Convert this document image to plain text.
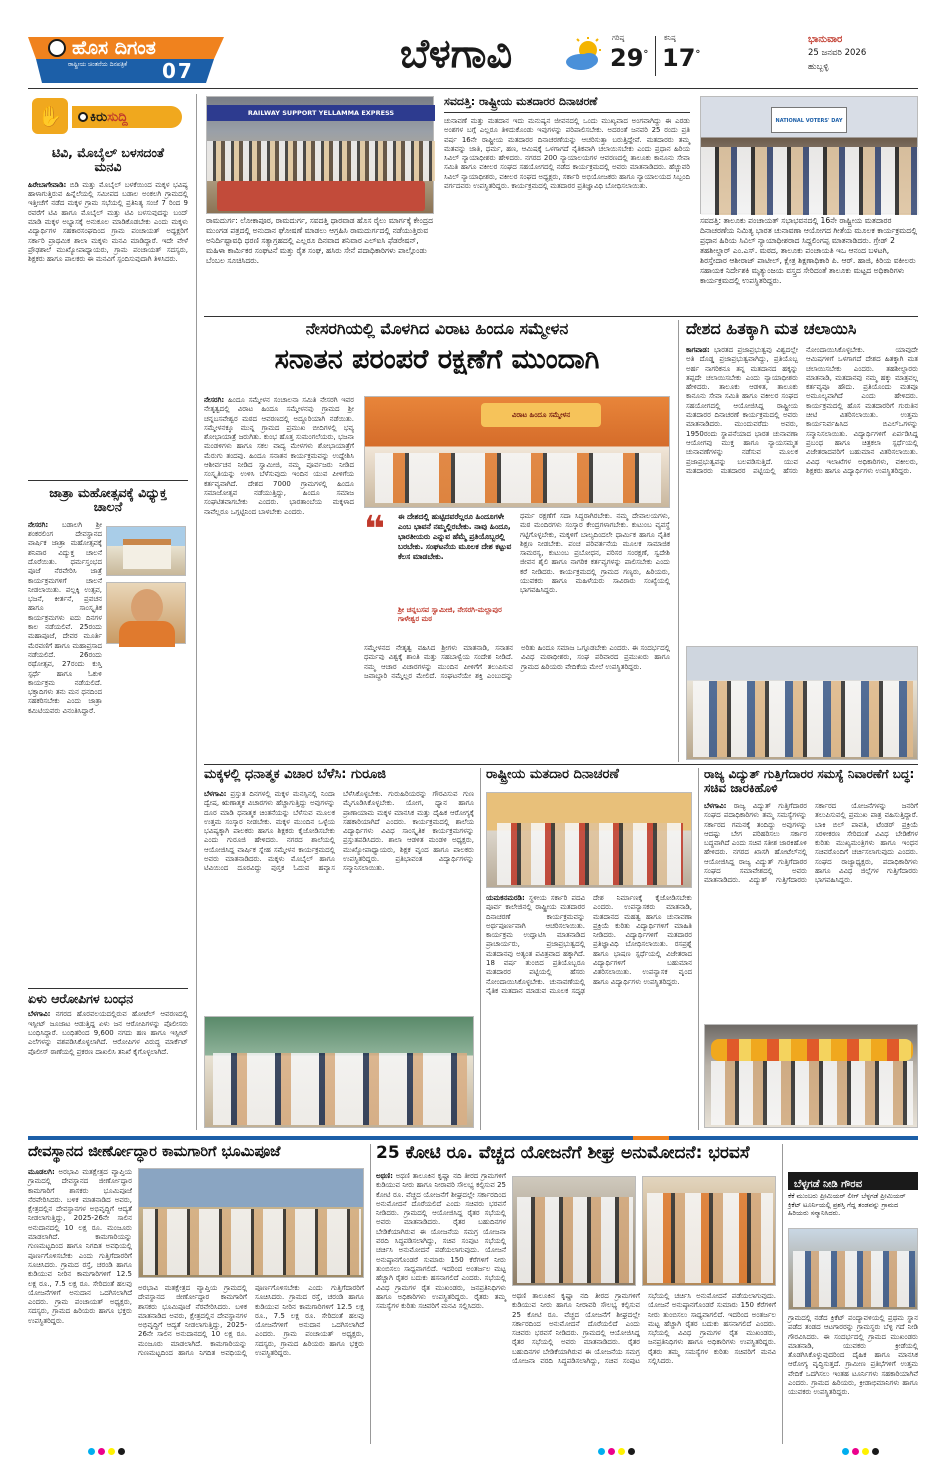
ಹೊಸ ದಿಗಂತ
ರಾಷ್ಟ್ರೀಯ ಚಿಂತನೆಯ ದಿನಪತ್ರಿಕೆ 07	ಬೆಳಗಾವಿ	ಗರಿಷ್ಠ
29°
ಕನಿಷ್ಠ
17°
ಭಾನುವಾರ
25 ಜನವರಿ 2026
ಹುಬ್ಬಳ್ಳಿ
✋	ಕಿರುಸುದ್ದಿ
ಟಿವಿ, ಮೊಬೈಲ್ ಬಳಸದಂತೆ ಮನವಿ
ಹಿರೇಬಾಗೇವಾಡಿ: ಬಿಡಿ ಮತ್ತು ಮೊಬೈಲ್ ಬಳಕೆಯಿಂದ ಮಕ್ಕಳ ಭವಿಷ್ಯ ಹಾಳಾಗುತ್ತಿರುವ ಹಿನ್ನೆಲೆಯಲ್ಲಿ ಸಮೀಪದ ಬಡಾಲ ಅಂಕಲಗಿ ಗ್ರಾಮದಲ್ಲಿ ಇತ್ತೀಚೆಗೆ ನಡೆದ ಮಕ್ಕಳ ಗ್ರಾಮ ಸಭೆಯಲ್ಲಿ ಪ್ರತಿನಿತ್ಯ ಸಂಜೆ 7 ರಿಂದ 9 ರವರೆಗೆ ಟಿವಿ ಹಾಗೂ ಮೊಬೈಲ್ ಮತ್ತು ಟಿವಿ ಬಳಸುವುದನ್ನು ಬಂದ್ ಮಾಡಿ ಮಕ್ಕಳ ಅಭ್ಯಾಸಕ್ಕೆ ಅನುಕೂಲ ಮಾಡಿಕೊಡಬೇಕು ಎಂದು ಮಕ್ಕಳು ವಿದ್ಯಾರ್ಥಿಗಳ ಸಹಕಾರಸಂಘದಿಂದ ಗ್ರಾಮ ಪಂಚಾಯತ್ ಅಧ್ಯಕ್ಷರಿಗೆ ಸರ್ಕಾರಿ ಪ್ರಾಥಮಿಕ ಶಾಲಾ ಮಕ್ಕಳು ಮನವಿ ಮಾಡಿದ್ದಾರೆ. ಇದೇ ವೇಳೆ ಪ್ರೌಢಶಾಲೆ ಮುಖ್ಯೋಪಾಧ್ಯಾಯರು, ಗ್ರಾಮ ಪಂಚಾಯತ್ ಸದಸ್ಯರು, ಶಿಕ್ಷಕರು ಹಾಗೂ ಪಾಲಕರು ಈ ಮನವಿಗೆ ಸ್ಪಂದಿಸುವುದಾಗಿ ತಿಳಿಸಿದರು.
ಜಾತ್ರಾ ಮಹೋತ್ಸವಕ್ಕೆ ವಿಧ್ಯುಕ್ತ ಚಾಲನೆ
ನೇಸರಗಿ: ಬಡಾಲಗಿ ಶ್ರೀ ಶಂಕರಲಿಂಗ ದೇವಸ್ಥಾನದ ವಾರ್ಷಿಕ ಜಾತ್ರಾ ಮಹೋತ್ಸವಕ್ಕೆ ಶನಿವಾರ ವಿದ್ಯುಕ್ತ ಚಾಲನೆ ದೊರೆಯಿತು. ಧರ್ಮಸ್ತಂಭದ ಪೂಜೆ ನೆರವೇರಿಸಿ ಜಾತ್ರೆ ಕಾರ್ಯಕ್ರಮಗಳಿಗೆ ಚಾಲನೆ ನೀಡಲಾಯಿತು. ಪಲ್ಲಕ್ಕಿ ಉತ್ಸವ, ಭಜನೆ, ಕೀರ್ತನೆ, ಪ್ರವಚನ ಹಾಗೂ ಸಾಂಸ್ಕೃತಿಕ ಕಾರ್ಯಕ್ರಮಗಳು ಐದು ದಿನಗಳ ಕಾಲ ನಡೆಯಲಿವೆ. 25ರಂದು ಮಹಾಪೂಜೆ, ದೇವರ ಮೂರ್ತಿ ಮೆರವಣಿಗೆ ಹಾಗೂ ಮಹಾಪ್ರಸಾದ ನಡೆಯಲಿದೆ. 26ರಂದು ರಥೋತ್ಸವ, 27ರಂದು ಕುಸ್ತಿ ಸ್ಪರ್ಧೆ ಹಾಗೂ ಓಕುಳಿ ಕಾರ್ಯಕ್ರಮ ನಡೆಯಲಿದೆ. ಭಕ್ತಾದಿಗಳು ತನು ಮನ ಧನದಿಂದ ಸಹಕರಿಸಬೇಕು ಎಂದು ಜಾತ್ರಾ ಕಮಿಟಿಯವರು ವಿನಂತಿಸಿದ್ದಾರೆ.
ಏಳು ಆರೋಪಿಗಳ ಬಂಧನ
ಬೆಳಗಾವಿ: ನಗರದ ಹೊರವಲಯದಲ್ಲಿರುವ ಹೋಟೆಲ್ ಆವರಣದಲ್ಲಿ ಇಸ್ಪೀಟ್ ಜೂಜಾಟ ಆಡುತ್ತಿದ್ದ ಏಳು ಜನ ಆರೋಪಿಗಳನ್ನು ಪೊಲೀಸರು ಬಂಧಿಸಿದ್ದಾರೆ. ಬಂಧಿತರಿಂದ 9,600 ನಗದು ಹಣ ಹಾಗೂ ಇಸ್ಪೀಟ್ ಎಲೆಗಳನ್ನು ವಶಪಡಿಸಿಕೊಳ್ಳಲಾಗಿದೆ. ಆರೋಪಿಗಳ ವಿರುದ್ಧ ಮಾರ್ಕೆಟ್ ಪೊಲೀಸ್ ಠಾಣೆಯಲ್ಲಿ ಪ್ರಕರಣ ದಾಖಲಿಸಿ ತನಿಖೆ ಕೈಗೊಳ್ಳಲಾಗಿದೆ.
RAILWAY SUPPORT YELLAMMA EXPRESS
ರಾಮದುರ್ಗ: ಲೋಕಾಪೂರ, ರಾಮದುರ್ಗ, ಸವದತ್ತಿ ಧಾರವಾಡ ಹೊಸ ರೈಲು ಮಾರ್ಗಕ್ಕೆ ಕೇಂದ್ರದ ಮುಂಗಡ ಪತ್ರದಲ್ಲಿ ಅನುದಾನ ಘೋಷಣೆ ಮಾಡಲು ಆಗ್ರಹಿಸಿ ರಾಮದುರ್ಗದಲ್ಲಿ ನಡೆಯುತ್ತಿರುವ ಅನಿರ್ದಿಷ್ಟಾವಧಿ ಧರಣಿ ಸತ್ಯಾಗ್ರಹದಲ್ಲಿ ಎಲ್ಲರೂ ದಿನವಾದ ಶನಿವಾರ ಎಲ್‌ಐಸಿ ಫೆಡರೇಷನ್, ಮಹಿಳಾ ಕಾರ್ಮಿಕರ ಸಂಘಟನೆ ಮತ್ತು ರೈತ ಸಂಘ, ಹಸಿರು ಸೇನೆ ಪದಾಧಿಕಾರಿಗಳು ಪಾಲ್ಗೊಂಡು ಬೆಂಬಲ ಸೂಚಿಸಿದರು.
ಸವದತ್ತಿ: ರಾಷ್ಟ್ರೀಯ ಮತದಾರರ ದಿನಾಚರಣೆ
ಚುನಾವಣೆ ಮತ್ತು ಮತದಾನ ಇದು ಮನುಷ್ಯನ ಜೀವನದಲ್ಲಿ ಒಂದು ಮುಖ್ಯವಾದ ಅಂಗವಾಗಿದ್ದು ಈ ಎರಡು ಅಂಶಗಳ ಬಗ್ಗೆ ಎಲ್ಲರೂ ತಿಳಿದುಕೊಂಡು ಇವುಗಳನ್ನು ಪರಿಪಾಲಿಸಬೇಕು. ಅದರಂತೆ ಜನವರಿ 25 ರಂದು ಪ್ರತಿ ವರ್ಷ 16ನೇ ರಾಷ್ಟ್ರೀಯ ಮತದಾರರ ದಿನಾಚರಣೆಯನ್ನು ಆಚರಿಸುತ್ತಾ ಬರುತ್ತಿದ್ದೇವೆ. ಮತದಾರರು ತಮ್ಮ ಮತವನ್ನು ಜಾತಿ, ಧರ್ಮ, ಹಣ, ಆಮಿಷಕ್ಕೆ ಒಳಗಾಗದೆ ನೈತಿಕವಾಗಿ ಚಲಾಯಿಸಬೇಕು ಎಂದು ಪ್ರಧಾನ ಹಿರಿಯ ಸಿವಿಲ್ ನ್ಯಾಯಾಧೀಶರು ಹೇಳಿದರು. ನಗರದ 200 ನ್ಯಾಯಾಲಯಗಳ ಆವರಣದಲ್ಲಿ ತಾಲೂಕು ಕಾನೂನು ಸೇವಾ ಸಮಿತಿ ಹಾಗೂ ವಕೀಲರ ಸಂಘದ ಸಹಯೋಗದಲ್ಲಿ ನಡೆದ ಕಾರ್ಯಕ್ರಮದಲ್ಲಿ ಅವರು ಮಾತನಾಡಿದರು. ಹೆಚ್ಚುವರಿ ಸಿವಿಲ್ ನ್ಯಾಯಾಧೀಶರು, ವಕೀಲರ ಸಂಘದ ಅಧ್ಯಕ್ಷರು, ಸರ್ಕಾರಿ ಅಭಿಯೋಜಕರು ಹಾಗೂ ನ್ಯಾಯಾಲಯದ ಸಿಬ್ಬಂದಿ ವರ್ಗದವರು ಉಪಸ್ಥಿತರಿದ್ದರು. ಕಾರ್ಯಕ್ರಮದಲ್ಲಿ ಮತದಾರರ ಪ್ರತಿಜ್ಞಾವಿಧಿ ಬೋಧಿಸಲಾಯಿತು.
NATIONAL VOTERS' DAY
ಸವದತ್ತಿ: ತಾಲೂಕು ಪಂಚಾಯತ್ ಸಭಾಭವನದಲ್ಲಿ 16ನೇ ರಾಷ್ಟ್ರೀಯ ಮತದಾರರ ದಿನಾಚರಣೆಯ ನಿಮಿತ್ಯ ಭಾರತ ಚುನಾವಣಾ ಆಯೋಗದ ಗೀತೆಯ ಮೂಲಕ ಕಾರ್ಯಕ್ರಮದಲ್ಲಿ ಪ್ರಧಾನ ಹಿರಿಯ ಸಿವಿಲ್ ನ್ಯಾಯಾಧೀಶರಾದ ಸಿದ್ದಲಿಂಗಪ್ಪ ಮಾತನಾಡಿದರು. ಗ್ರೇಡ್ 2 ತಹಶೀಲ್ದಾರ್ ಎಂ.ಎಸ್. ಮಠದ, ತಾಲೂಕು ಪಂಚಾಯತಿ ಇಒ ಆನಂದ ಬಳಟಗಿ, ಶಿರಸ್ತೇದಾರ ಆಶೀರಾಜ್ ಪಾಟೀಲ್, ಕ್ಷೇತ್ರ ಶಿಕ್ಷಣಾಧಿಕಾರಿ ಪಿ. ಆರ್. ಹಾಜಿ, ಕಿರಿಯ ವಕೀಲರು ಸಹಾಯಕ ನಿರ್ದೇಶಕಿ ಮೃತ್ಯುಂಜಯ ವಸ್ತ್ರದ ಸೇರಿದಂತೆ ತಾಲೂಕು ಮಟ್ಟದ ಅಧಿಕಾರಿಗಳು ಕಾರ್ಯಕ್ರಮದಲ್ಲಿ ಉಪಸ್ಥಿತರಿದ್ದರು.
ನೇಸರಗಿಯಲ್ಲಿ ಮೊಳಗಿದ ವಿರಾಟ ಹಿಂದೂ ಸಮ್ಮೇಳನ
ಸನಾತನ ಪರಂಪರೆ ರಕ್ಷಣೆಗೆ ಮುಂದಾಗಿ
ನೇಸರಗಿ: ಹಿಂದೂ ಸಮ್ಮೇಳನ ಸಂಚಾಲನಾ ಸಮಿತಿ ನೇಸರಗಿ ಇವರ ನೇತೃತ್ವದಲ್ಲಿ ವಿರಾಟ ಹಿಂದೂ ಸಮ್ಮೇಳನವು ಗ್ರಾಮದ ಶ್ರೀ ಚನ್ನಬಸವೇಶ್ವರ ಮಠದ ಆವರಣದಲ್ಲಿ ಅದ್ದೂರಿಯಾಗಿ ನಡೆಯಿತು. ಸಮ್ಮೇಳನಕ್ಕೂ ಮುನ್ನ ಗ್ರಾಮದ ಪ್ರಮುಖ ಬೀದಿಗಳಲ್ಲಿ ಭವ್ಯ ಶೋಭಾಯಾತ್ರೆ ಜರುಗಿತು. ಕುಂಭ ಹೊತ್ತ ಸುಮಂಗಲೆಯರು, ಭಜನಾ ಮಂಡಳಿಗಳು ಹಾಗೂ ಸಕಲ ವಾದ್ಯ ಮೇಳಗಳು ಶೋಭಾಯಾತ್ರೆಗೆ ಮೆರುಗು ತಂದವು. ಹಿಂದೂ ಸನಾತನ ಕಾರ್ಯಕ್ರಮವನ್ನು ಉದ್ದೇಶಿಸಿ ಆಶೀರ್ವಚನ ನೀಡಿದ ಸ್ವಾಮೀಜಿ, ನಮ್ಮ ಪೂರ್ವಜರು ನೀಡಿದ ಸಂಸ್ಕೃತಿಯನ್ನು ಉಳಿಸಿ ಬೆಳೆಸುವುದು ಇಂದಿನ ಯುವ ಪೀಳಿಗೆಯ ಕರ್ತವ್ಯವಾಗಿದೆ. ದೇಶದ 7000 ಗ್ರಾಮಗಳಲ್ಲಿ ಹಿಂದೂ ಸಮಾಜೋತ್ಸವ ನಡೆಯುತ್ತಿದ್ದು, ಹಿಂದೂ ಸಮಾಜ ಸಂಘಟಿತವಾಗಬೇಕು ಎಂದರು. ಭಾರತಾಂಬೆಯ ಮಕ್ಕಳಾದ ನಾವೆಲ್ಲರೂ ಒಗ್ಗಟ್ಟಿನಿಂದ ಬಾಳಬೇಕು ಎಂದರು.
ವಿರಾಟ ಹಿಂದೂ ಸಮ್ಮೇಳನ
❝ ಈ ದೇಶದಲ್ಲಿ ಹುಟ್ಟಿದವರೆಲ್ಲರೂ ಹಿಂದೂಗಳೇ ಎಂಬ ಭಾವನೆ ನಮ್ಮಲ್ಲಿರಬೇಕು. ನಾವು ಹಿಂದೂ, ಭಾರತೀಯರು ಎನ್ನುವ ಹೆಮ್ಮೆ ಪ್ರತಿಯೊಬ್ಬರಲ್ಲಿ ಬರಬೇಕು. ಸಂಘಟನೆಯ ಮೂಲಕ ದೇಶ ಕಟ್ಟುವ ಕೆಲಸ ಮಾಡಬೇಕು.
ಶ್ರೀ ಚನ್ನಬಸವ ಸ್ವಾಮೀಜಿ, ನೇಸರಗಿ-ಮಲ್ಲಾಪುರ ಗಾಳೇಶ್ವರ ಮಠ
ಧರ್ಮ ರಕ್ಷಣೆಗೆ ಸದಾ ಸಿದ್ಧರಾಗಿರಬೇಕು. ನಮ್ಮ ದೇವಾಲಯಗಳು, ಮಠ ಮಂದಿರಗಳು ಸಂಸ್ಕಾರ ಕೇಂದ್ರಗಳಾಗಬೇಕು. ಕುಟುಂಬ ವ್ಯವಸ್ಥೆ ಗಟ್ಟಿಗೊಳ್ಳಬೇಕು, ಮಕ್ಕಳಿಗೆ ಬಾಲ್ಯದಿಂದಲೇ ಧಾರ್ಮಿಕ ಹಾಗೂ ನೈತಿಕ ಶಿಕ್ಷಣ ನೀಡಬೇಕು. ಪಂಚ ಪರಿವರ್ತನೆಯ ಮೂಲಕ ಸಾಮಾಜಿಕ ಸಾಮರಸ್ಯ, ಕುಟುಂಬ ಪ್ರಬೋಧನ, ಪರಿಸರ ಸಂರಕ್ಷಣೆ, ಸ್ವದೇಶಿ ಜೀವನ ಶೈಲಿ ಹಾಗೂ ನಾಗರಿಕ ಕರ್ತವ್ಯಗಳನ್ನು ಪಾಲಿಸಬೇಕು ಎಂದು ಕರೆ ನೀಡಿದರು. ಕಾರ್ಯಕ್ರಮದಲ್ಲಿ ಗ್ರಾಮದ ಗಣ್ಯರು, ಹಿರಿಯರು, ಯುವಕರು ಹಾಗೂ ಮಹಿಳೆಯರು ಸಾವಿರಾರು ಸಂಖ್ಯೆಯಲ್ಲಿ ಭಾಗವಹಿಸಿದ್ದರು.
ಸಮ್ಮೇಳನದ ನೇತೃತ್ವ ವಹಿಸಿದ ಶ್ರೀಗಳು ಮಾತನಾಡಿ, ಸನಾತನ ಧರ್ಮವು ವಿಶ್ವಕ್ಕೆ ಶಾಂತಿ ಮತ್ತು ಸಹಬಾಳ್ವೆಯ ಸಂದೇಶ ನೀಡಿದೆ. ನಮ್ಮ ಆಚಾರ ವಿಚಾರಗಳನ್ನು ಮುಂದಿನ ಪೀಳಿಗೆಗೆ ತಲುಪಿಸುವ ಜವಾಬ್ದಾರಿ ನಮ್ಮೆಲ್ಲರ ಮೇಲಿದೆ. ಸಂಘಟನೆಯೇ ಶಕ್ತಿ ಎಂಬುದನ್ನು ಅರಿತು ಹಿಂದೂ ಸಮಾಜ ಒಗ್ಗೂಡಬೇಕು ಎಂದರು. ಈ ಸಂದರ್ಭದಲ್ಲಿ ವಿವಿಧ ಮಠಾಧೀಶರು, ಸಂಘ ಪರಿವಾರದ ಪ್ರಮುಖರು ಹಾಗೂ ಗ್ರಾಮದ ಹಿರಿಯರು ವೇದಿಕೆಯ ಮೇಲೆ ಉಪಸ್ಥಿತರಿದ್ದರು.
ದೇಶದ ಹಿತಕ್ಕಾಗಿ ಮತ ಚಲಾಯಿಸಿ
ಕಾಗವಾಡ: ಭಾರತದ ಪ್ರಜಾಪ್ರಭುತ್ವವು ವಿಶ್ವದಲ್ಲೇ ಅತಿ ದೊಡ್ಡ ಪ್ರಜಾಪ್ರಭುತ್ವವಾಗಿದ್ದು, ಪ್ರತಿಯೊಬ್ಬ ಅರ್ಹ ನಾಗರಿಕನೂ ತನ್ನ ಮತದಾನದ ಹಕ್ಕನ್ನು ತಪ್ಪದೇ ಚಲಾಯಿಸಬೇಕು ಎಂದು ನ್ಯಾಯಾಧೀಶರು ಹೇಳಿದರು. ತಾಲೂಕು ಆಡಳಿತ, ತಾಲೂಕು ಕಾನೂನು ಸೇವಾ ಸಮಿತಿ ಹಾಗೂ ವಕೀಲರ ಸಂಘದ ಸಹಯೋಗದಲ್ಲಿ ಆಯೋಜಿಸಿದ್ದ ರಾಷ್ಟ್ರೀಯ ಮತದಾರರ ದಿನಾಚರಣೆ ಕಾರ್ಯಕ್ರಮದಲ್ಲಿ ಅವರು ಮಾತನಾಡಿದರು. ಮುಂದುವರೆದು ಅವರು, 1950ರಂದು ಸ್ಥಾಪನೆಯಾದ ಭಾರತ ಚುನಾವಣಾ ಆಯೋಗವು ಮುಕ್ತ ಹಾಗೂ ನ್ಯಾಯಸಮ್ಮತ ಚುನಾವಣೆಗಳನ್ನು ನಡೆಸುವ ಮೂಲಕ ಪ್ರಜಾಪ್ರಭುತ್ವವನ್ನು ಬಲಪಡಿಸುತ್ತಿದೆ. ಯುವ ಮತದಾರರು ಮತದಾರರ ಪಟ್ಟಿಯಲ್ಲಿ ಹೆಸರು ನೋಂದಾಯಿಸಿಕೊಳ್ಳಬೇಕು. ಯಾವುದೇ ಆಮಿಷಗಳಿಗೆ ಒಳಗಾಗದೆ ದೇಶದ ಹಿತಕ್ಕಾಗಿ ಮತ ಚಲಾಯಿಸಬೇಕು ಎಂದರು. ತಹಶೀಲ್ದಾರರು ಮಾತನಾಡಿ, ಮತದಾನವು ನಮ್ಮ ಹಕ್ಕು ಮಾತ್ರವಲ್ಲ ಕರ್ತವ್ಯವೂ ಹೌದು. ಪ್ರತಿಯೊಂದು ಮತವೂ ಅಮೂಲ್ಯವಾಗಿದೆ ಎಂದು ಹೇಳಿದರು. ಕಾರ್ಯಕ್ರಮದಲ್ಲಿ ಹೊಸ ಮತದಾರರಿಗೆ ಗುರುತಿನ ಚೀಟಿ ವಿತರಿಸಲಾಯಿತು. ಉತ್ತಮ ಕಾರ್ಯನಿರ್ವಹಿಸಿದ ಬಿಎಲ್‌ಒಗಳನ್ನು ಸನ್ಮಾನಿಸಲಾಯಿತು. ವಿದ್ಯಾರ್ಥಿಗಳಿಗೆ ಏರ್ಪಡಿಸಿದ್ದ ಪ್ರಬಂಧ ಹಾಗೂ ಚಿತ್ರಕಲಾ ಸ್ಪರ್ಧೆಯಲ್ಲಿ ವಿಜೇತರಾದವರಿಗೆ ಬಹುಮಾನ ವಿತರಿಸಲಾಯಿತು. ವಿವಿಧ ಇಲಾಖೆಗಳ ಅಧಿಕಾರಿಗಳು, ವಕೀಲರು, ಶಿಕ್ಷಕರು ಹಾಗೂ ವಿದ್ಯಾರ್ಥಿಗಳು ಉಪಸ್ಥಿತರಿದ್ದರು.
ಮಕ್ಕಳಲ್ಲಿ ಧನಾತ್ಮಕ ವಿಚಾರ ಬೆಳೆಸಿ: ಗುರೂಜಿ
ಬೆಳಗಾವಿ: ಪ್ರಸ್ತುತ ದಿನಗಳಲ್ಲಿ ಮಕ್ಕಳ ಮನಸ್ಸಿನಲ್ಲಿ ನಿಂದಾ ದ್ವೇಷ, ಋಣಾತ್ಮಕ ವಿಚಾರಗಳು ಹೆಚ್ಚಾಗುತ್ತಿದ್ದು ಅವುಗಳನ್ನು ದೂರ ಮಾಡಿ ಧನಾತ್ಮಕ ಚಿಂತನೆಯನ್ನು ಬೆಳೆಸುವ ಮೂಲಕ ಉತ್ತಮ ಸಂಸ್ಕಾರ ನೀಡಬೇಕು. ಮಕ್ಕಳ ಮುಂದಿನ ಒಳ್ಳೆಯ ಭವಿಷ್ಯಕ್ಕಾಗಿ ಪಾಲಕರು ಹಾಗೂ ಶಿಕ್ಷಕರು ಕೈಜೋಡಿಸಬೇಕು ಎಂದು ಗುರೂಜಿ ಹೇಳಿದರು. ನಗರದ ಶಾಲೆಯಲ್ಲಿ ಆಯೋಜಿಸಿದ್ದ ವಾರ್ಷಿಕ ಸ್ನೇಹ ಸಮ್ಮೇಳನ ಕಾರ್ಯಕ್ರಮದಲ್ಲಿ ಅವರು ಮಾತನಾಡಿದರು. ಮಕ್ಕಳು ಮೊಬೈಲ್ ಹಾಗೂ ಟಿವಿಯಿಂದ ದೂರವಿದ್ದು ಪುಸ್ತಕ ಓದುವ ಹವ್ಯಾಸ ಬೆಳೆಸಿಕೊಳ್ಳಬೇಕು. ಗುರುಹಿರಿಯರನ್ನು ಗೌರವಿಸುವ ಗುಣ ಮೈಗೂಡಿಸಿಕೊಳ್ಳಬೇಕು. ಯೋಗ, ಧ್ಯಾನ ಹಾಗೂ ಪ್ರಾಣಾಯಾಮ ಮಕ್ಕಳ ಮಾನಸಿಕ ಮತ್ತು ದೈಹಿಕ ಆರೋಗ್ಯಕ್ಕೆ ಸಹಕಾರಿಯಾಗಿದೆ ಎಂದರು. ಕಾರ್ಯಕ್ರಮದಲ್ಲಿ ಶಾಲೆಯ ವಿದ್ಯಾರ್ಥಿಗಳು ವಿವಿಧ ಸಾಂಸ್ಕೃತಿಕ ಕಾರ್ಯಕ್ರಮಗಳನ್ನು ಪ್ರಸ್ತುತಪಡಿಸಿದರು. ಶಾಲಾ ಆಡಳಿತ ಮಂಡಳಿ ಅಧ್ಯಕ್ಷರು, ಮುಖ್ಯೋಪಾಧ್ಯಾಯರು, ಶಿಕ್ಷಕ ವೃಂದ ಹಾಗೂ ಪಾಲಕರು ಉಪಸ್ಥಿತರಿದ್ದರು. ಪ್ರತಿಭಾವಂತ ವಿದ್ಯಾರ್ಥಿಗಳನ್ನು ಸನ್ಮಾನಿಸಲಾಯಿತು.
ರಾಷ್ಟ್ರೀಯ ಮತದಾರ ದಿನಾಚರಣೆ
ಯಮಕನಮರಡಿ: ಸ್ಥಳೀಯ ಸರ್ಕಾರಿ ಪದವಿ ಪೂರ್ವ ಕಾಲೇಜಿನಲ್ಲಿ ರಾಷ್ಟ್ರೀಯ ಮತದಾರರ ದಿನಾಚರಣೆ ಕಾರ್ಯಕ್ರಮವನ್ನು ಅರ್ಥಪೂರ್ಣವಾಗಿ ಆಚರಿಸಲಾಯಿತು. ಕಾರ್ಯಕ್ರಮ ಉದ್ಘಾಟಿಸಿ ಮಾತನಾಡಿದ ಪ್ರಾಚಾರ್ಯರು, ಪ್ರಜಾಪ್ರಭುತ್ವದಲ್ಲಿ ಮತದಾನವು ಅತ್ಯಂತ ಪವಿತ್ರವಾದ ಹಕ್ಕಾಗಿದೆ. 18 ವರ್ಷ ತುಂಬಿದ ಪ್ರತಿಯೊಬ್ಬರೂ ಮತದಾರರ ಪಟ್ಟಿಯಲ್ಲಿ ಹೆಸರು ನೋಂದಾಯಿಸಿಕೊಳ್ಳಬೇಕು. ಚುನಾವಣೆಯಲ್ಲಿ ನೈತಿಕ ಮತದಾನ ಮಾಡುವ ಮೂಲಕ ಸದೃಢ ದೇಶ ನಿರ್ಮಾಣಕ್ಕೆ ಕೈಜೋಡಿಸಬೇಕು ಎಂದರು. ಉಪನ್ಯಾಸಕರು ಮಾತನಾಡಿ, ಮತದಾನದ ಮಹತ್ವ ಹಾಗೂ ಚುನಾವಣಾ ಪ್ರಕ್ರಿಯೆ ಕುರಿತು ವಿದ್ಯಾರ್ಥಿಗಳಿಗೆ ಮಾಹಿತಿ ನೀಡಿದರು. ವಿದ್ಯಾರ್ಥಿಗಳಿಗೆ ಮತದಾರರ ಪ್ರತಿಜ್ಞಾವಿಧಿ ಬೋಧಿಸಲಾಯಿತು. ರಸಪ್ರಶ್ನೆ ಹಾಗೂ ಭಾಷಣ ಸ್ಪರ್ಧೆಯಲ್ಲಿ ವಿಜೇತರಾದ ವಿದ್ಯಾರ್ಥಿಗಳಿಗೆ ಬಹುಮಾನ ವಿತರಿಸಲಾಯಿತು. ಉಪನ್ಯಾಸಕ ವೃಂದ ಹಾಗೂ ವಿದ್ಯಾರ್ಥಿಗಳು ಉಪಸ್ಥಿತರಿದ್ದರು.
ರಾಜ್ಯ ವಿದ್ಯುತ್ ಗುತ್ತಿಗೆದಾರರ ಸಮಸ್ಯೆ ನಿವಾರಣೆಗೆ ಬದ್ಧ: ಸಚಿವ ಜಾರಕಿಹೊಳಿ
ಬೆಳಗಾವಿ: ರಾಜ್ಯ ವಿದ್ಯುತ್ ಗುತ್ತಿಗೆದಾರರ ಸಂಘದ ಪದಾಧಿಕಾರಿಗಳು ತಮ್ಮ ಸಮಸ್ಯೆಗಳನ್ನು ಸರ್ಕಾರದ ಗಮನಕ್ಕೆ ತಂದಿದ್ದು ಅವುಗಳನ್ನು ಆದಷ್ಟು ಬೇಗ ಪರಿಹರಿಸಲು ಸರ್ಕಾರ ಬದ್ಧವಾಗಿದೆ ಎಂದು ಸಚಿವ ಸತೀಶ ಜಾರಕಿಹೊಳಿ ಹೇಳಿದರು. ನಗರದ ಖಾಸಗಿ ಹೋಟೆಲ್‌ನಲ್ಲಿ ಆಯೋಜಿಸಿದ್ದ ರಾಜ್ಯ ವಿದ್ಯುತ್ ಗುತ್ತಿಗೆದಾರರ ಸಂಘದ ಸಮಾವೇಶದಲ್ಲಿ ಅವರು ಮಾತನಾಡಿದರು. ವಿದ್ಯುತ್ ಗುತ್ತಿಗೆದಾರರು ಸರ್ಕಾರದ ಯೋಜನೆಗಳನ್ನು ಜನರಿಗೆ ತಲುಪಿಸುವಲ್ಲಿ ಪ್ರಮುಖ ಪಾತ್ರ ವಹಿಸುತ್ತಿದ್ದಾರೆ. ಬಾಕಿ ಬಿಲ್ ಪಾವತಿ, ಟೆಂಡರ್ ಪ್ರಕ್ರಿಯೆ ಸರಳೀಕರಣ ಸೇರಿದಂತೆ ವಿವಿಧ ಬೇಡಿಕೆಗಳ ಕುರಿತು ಮುಖ್ಯಮಂತ್ರಿಗಳು ಹಾಗೂ ಇಂಧನ ಸಚಿವರೊಂದಿಗೆ ಚರ್ಚಿಸಲಾಗುವುದು ಎಂದರು. ಸಂಘದ ರಾಜ್ಯಾಧ್ಯಕ್ಷರು, ಪದಾಧಿಕಾರಿಗಳು ಹಾಗೂ ವಿವಿಧ ಜಿಲ್ಲೆಗಳ ಗುತ್ತಿಗೆದಾರರು ಭಾಗವಹಿಸಿದ್ದರು.
ದೇವಸ್ಥಾನದ ಜೀರ್ಣೋದ್ಧಾರ ಕಾಮಗಾರಿಗೆ ಭೂಮಿಪೂಜೆ
ಮೂಡಲಗಿ: ಅರಭಾವಿ ಮತಕ್ಷೇತ್ರದ ವ್ಯಾಪ್ತಿಯ ಗ್ರಾಮದಲ್ಲಿ ದೇವಸ್ಥಾನದ ಜೀರ್ಣೋದ್ಧಾರ ಕಾಮಗಾರಿಗೆ ಶಾಸಕರು ಭೂಮಿಪೂಜೆ ನೆರವೇರಿಸಿದರು. ಬಳಿಕ ಮಾತನಾಡಿದ ಅವರು, ಕ್ಷೇತ್ರದಲ್ಲಿನ ದೇವಸ್ಥಾನಗಳ ಅಭಿವೃದ್ಧಿಗೆ ಆದ್ಯತೆ ನೀಡಲಾಗುತ್ತಿದ್ದು, 2025-26ನೇ ಸಾಲಿನ ಅನುದಾನದಲ್ಲಿ 10 ಲಕ್ಷ ರೂ. ಮಂಜೂರು ಮಾಡಲಾಗಿದೆ. ಕಾಮಗಾರಿಯನ್ನು ಗುಣಮಟ್ಟದಿಂದ ಹಾಗೂ ನಿಗದಿತ ಅವಧಿಯಲ್ಲಿ ಪೂರ್ಣಗೊಳಿಸಬೇಕು ಎಂದು ಗುತ್ತಿಗೆದಾರರಿಗೆ ಸೂಚಿಸಿದರು. ಗ್ರಾಮದ ರಸ್ತೆ, ಚರಂಡಿ ಹಾಗೂ ಕುಡಿಯುವ ನೀರಿನ ಕಾಮಗಾರಿಗಳಿಗೆ 12.5 ಲಕ್ಷ ರೂ., 7.5 ಲಕ್ಷ ರೂ. ಸೇರಿದಂತೆ ಹಲವು ಯೋಜನೆಗಳಿಗೆ ಅನುದಾನ ಒದಗಿಸಲಾಗಿದೆ ಎಂದರು. ಗ್ರಾಮ ಪಂಚಾಯತ್ ಅಧ್ಯಕ್ಷರು, ಸದಸ್ಯರು, ಗ್ರಾಮದ ಹಿರಿಯರು ಹಾಗೂ ಭಕ್ತರು ಉಪಸ್ಥಿತರಿದ್ದರು.
ಅರಭಾವಿ ಮತಕ್ಷೇತ್ರದ ವ್ಯಾಪ್ತಿಯ ಗ್ರಾಮದಲ್ಲಿ ದೇವಸ್ಥಾನದ ಜೀರ್ಣೋದ್ಧಾರ ಕಾಮಗಾರಿಗೆ ಶಾಸಕರು ಭೂಮಿಪೂಜೆ ನೆರವೇರಿಸಿದರು. ಬಳಿಕ ಮಾತನಾಡಿದ ಅವರು, ಕ್ಷೇತ್ರದಲ್ಲಿನ ದೇವಸ್ಥಾನಗಳ ಅಭಿವೃದ್ಧಿಗೆ ಆದ್ಯತೆ ನೀಡಲಾಗುತ್ತಿದ್ದು, 2025-26ನೇ ಸಾಲಿನ ಅನುದಾನದಲ್ಲಿ 10 ಲಕ್ಷ ರೂ. ಮಂಜೂರು ಮಾಡಲಾಗಿದೆ. ಕಾಮಗಾರಿಯನ್ನು ಗುಣಮಟ್ಟದಿಂದ ಹಾಗೂ ನಿಗದಿತ ಅವಧಿಯಲ್ಲಿ ಪೂರ್ಣಗೊಳಿಸಬೇಕು ಎಂದು ಗುತ್ತಿಗೆದಾರರಿಗೆ ಸೂಚಿಸಿದರು. ಗ್ರಾಮದ ರಸ್ತೆ, ಚರಂಡಿ ಹಾಗೂ ಕುಡಿಯುವ ನೀರಿನ ಕಾಮಗಾರಿಗಳಿಗೆ 12.5 ಲಕ್ಷ ರೂ., 7.5 ಲಕ್ಷ ರೂ. ಸೇರಿದಂತೆ ಹಲವು ಯೋಜನೆಗಳಿಗೆ ಅನುದಾನ ಒದಗಿಸಲಾಗಿದೆ ಎಂದರು. ಗ್ರಾಮ ಪಂಚಾಯತ್ ಅಧ್ಯಕ್ಷರು, ಸದಸ್ಯರು, ಗ್ರಾಮದ ಹಿರಿಯರು ಹಾಗೂ ಭಕ್ತರು ಉಪಸ್ಥಿತರಿದ್ದರು.
25 ಕೋಟಿ ರೂ. ವೆಚ್ಚದ ಯೋಜನೆಗೆ ಶೀಘ್ರ ಅನುಮೋದನೆ: ಭರವಸೆ
ಅಥಣಿ: ಅಥಣಿ ತಾಲೂಕಿನ ಕೃಷ್ಣಾ ನದಿ ತೀರದ ಗ್ರಾಮಗಳಿಗೆ ಕುಡಿಯುವ ನೀರು ಹಾಗೂ ನೀರಾವರಿ ಸೌಲಭ್ಯ ಕಲ್ಪಿಸುವ 25 ಕೋಟಿ ರೂ. ವೆಚ್ಚದ ಯೋಜನೆಗೆ ಶೀಘ್ರದಲ್ಲೇ ಸರ್ಕಾರದಿಂದ ಅನುಮೋದನೆ ದೊರೆಯಲಿದೆ ಎಂದು ಸಚಿವರು ಭರವಸೆ ನೀಡಿದರು. ಗ್ರಾಮದಲ್ಲಿ ಆಯೋಜಿಸಿದ್ದ ರೈತರ ಸಭೆಯಲ್ಲಿ ಅವರು ಮಾತನಾಡಿದರು. ರೈತರ ಬಹುದಿನಗಳ ಬೇಡಿಕೆಯಾಗಿರುವ ಈ ಯೋಜನೆಯ ಸಮಗ್ರ ಯೋಜನಾ ವರದಿ ಸಿದ್ಧಪಡಿಸಲಾಗಿದ್ದು, ಸಚಿವ ಸಂಪುಟ ಸಭೆಯಲ್ಲಿ ಚರ್ಚಿಸಿ ಅನುಮೋದನೆ ಪಡೆಯಲಾಗುವುದು. ಯೋಜನೆ ಅನುಷ್ಠಾನಗೊಂಡರೆ ಸುಮಾರು 150 ಕೆರೆಗಳಿಗೆ ನೀರು ತುಂಬಿಸಲು ಸಾಧ್ಯವಾಗಲಿದೆ. ಇದರಿಂದ ಅಂತರ್ಜಲ ಮಟ್ಟ ಹೆಚ್ಚಾಗಿ ರೈತರ ಬದುಕು ಹಸನಾಗಲಿದೆ ಎಂದರು. ಸಭೆಯಲ್ಲಿ ವಿವಿಧ ಗ್ರಾಮಗಳ ರೈತ ಮುಖಂಡರು, ಜನಪ್ರತಿನಿಧಿಗಳು ಹಾಗೂ ಅಧಿಕಾರಿಗಳು ಉಪಸ್ಥಿತರಿದ್ದರು. ರೈತರು ತಮ್ಮ ಸಮಸ್ಯೆಗಳ ಕುರಿತು ಸಚಿವರಿಗೆ ಮನವಿ ಸಲ್ಲಿಸಿದರು.
ಅಥಣಿ ತಾಲೂಕಿನ ಕೃಷ್ಣಾ ನದಿ ತೀರದ ಗ್ರಾಮಗಳಿಗೆ ಕುಡಿಯುವ ನೀರು ಹಾಗೂ ನೀರಾವರಿ ಸೌಲಭ್ಯ ಕಲ್ಪಿಸುವ 25 ಕೋಟಿ ರೂ. ವೆಚ್ಚದ ಯೋಜನೆಗೆ ಶೀಘ್ರದಲ್ಲೇ ಸರ್ಕಾರದಿಂದ ಅನುಮೋದನೆ ದೊರೆಯಲಿದೆ ಎಂದು ಸಚಿವರು ಭರವಸೆ ನೀಡಿದರು. ಗ್ರಾಮದಲ್ಲಿ ಆಯೋಜಿಸಿದ್ದ ರೈತರ ಸಭೆಯಲ್ಲಿ ಅವರು ಮಾತನಾಡಿದರು. ರೈತರ ಬಹುದಿನಗಳ ಬೇಡಿಕೆಯಾಗಿರುವ ಈ ಯೋಜನೆಯ ಸಮಗ್ರ ಯೋಜನಾ ವರದಿ ಸಿದ್ಧಪಡಿಸಲಾಗಿದ್ದು, ಸಚಿವ ಸಂಪುಟ ಸಭೆಯಲ್ಲಿ ಚರ್ಚಿಸಿ ಅನುಮೋದನೆ ಪಡೆಯಲಾಗುವುದು. ಯೋಜನೆ ಅನುಷ್ಠಾನಗೊಂಡರೆ ಸುಮಾರು 150 ಕೆರೆಗಳಿಗೆ ನೀರು ತುಂಬಿಸಲು ಸಾಧ್ಯವಾಗಲಿದೆ. ಇದರಿಂದ ಅಂತರ್ಜಲ ಮಟ್ಟ ಹೆಚ್ಚಾಗಿ ರೈತರ ಬದುಕು ಹಸನಾಗಲಿದೆ ಎಂದರು. ಸಭೆಯಲ್ಲಿ ವಿವಿಧ ಗ್ರಾಮಗಳ ರೈತ ಮುಖಂಡರು, ಜನಪ್ರತಿನಿಧಿಗಳು ಹಾಗೂ ಅಧಿಕಾರಿಗಳು ಉಪಸ್ಥಿತರಿದ್ದರು. ರೈತರು ತಮ್ಮ ಸಮಸ್ಯೆಗಳ ಕುರಿತು ಸಚಿವರಿಗೆ ಮನವಿ ಸಲ್ಲಿಸಿದರು.
ಬೆಳ್ಳಗಡೆ ನೀಡಿ ಗೌರವ
ಕೆಕೆ ಮುಂಬರು ಪ್ರೀಮಿಯರ್ ಲೀಗ್ ಬೆಳ್ಳಗಡೆ ಪ್ರೀಮಿಯರ್ ಕ್ರಿಕೆಟ್ ಟೂರ್ನಿಯಲ್ಲಿ ಪ್ರಶಸ್ತಿ ಗೆದ್ದ ತಂಡವನ್ನು ಗ್ರಾಮದ ಹಿರಿಯರು ಸನ್ಮಾನಿಸಿದರು.
ಗ್ರಾಮದಲ್ಲಿ ನಡೆದ ಕ್ರಿಕೆಟ್ ಪಂದ್ಯಾವಳಿಯಲ್ಲಿ ಪ್ರಥಮ ಸ್ಥಾನ ಪಡೆದ ತಂಡದ ಆಟಗಾರರನ್ನು ಗ್ರಾಮಸ್ಥರು ಬೆಳ್ಳಿ ಗದೆ ನೀಡಿ ಗೌರವಿಸಿದರು. ಈ ಸಂದರ್ಭದಲ್ಲಿ ಗ್ರಾಮದ ಮುಖಂಡರು ಮಾತನಾಡಿ, ಯುವಕರು ಕ್ರೀಡೆಯಲ್ಲಿ ತೊಡಗಿಸಿಕೊಳ್ಳುವುದರಿಂದ ದೈಹಿಕ ಹಾಗೂ ಮಾನಸಿಕ ಆರೋಗ್ಯ ವೃದ್ಧಿಸುತ್ತದೆ. ಗ್ರಾಮೀಣ ಪ್ರತಿಭೆಗಳಿಗೆ ಉತ್ತಮ ವೇದಿಕೆ ಒದಗಿಸಲು ಇಂತಹ ಟೂರ್ನಿಗಳು ಸಹಕಾರಿಯಾಗಿವೆ ಎಂದರು. ಗ್ರಾಮದ ಹಿರಿಯರು, ಕ್ರೀಡಾಭಿಮಾನಿಗಳು ಹಾಗೂ ಯುವಕರು ಉಪಸ್ಥಿತರಿದ್ದರು.
